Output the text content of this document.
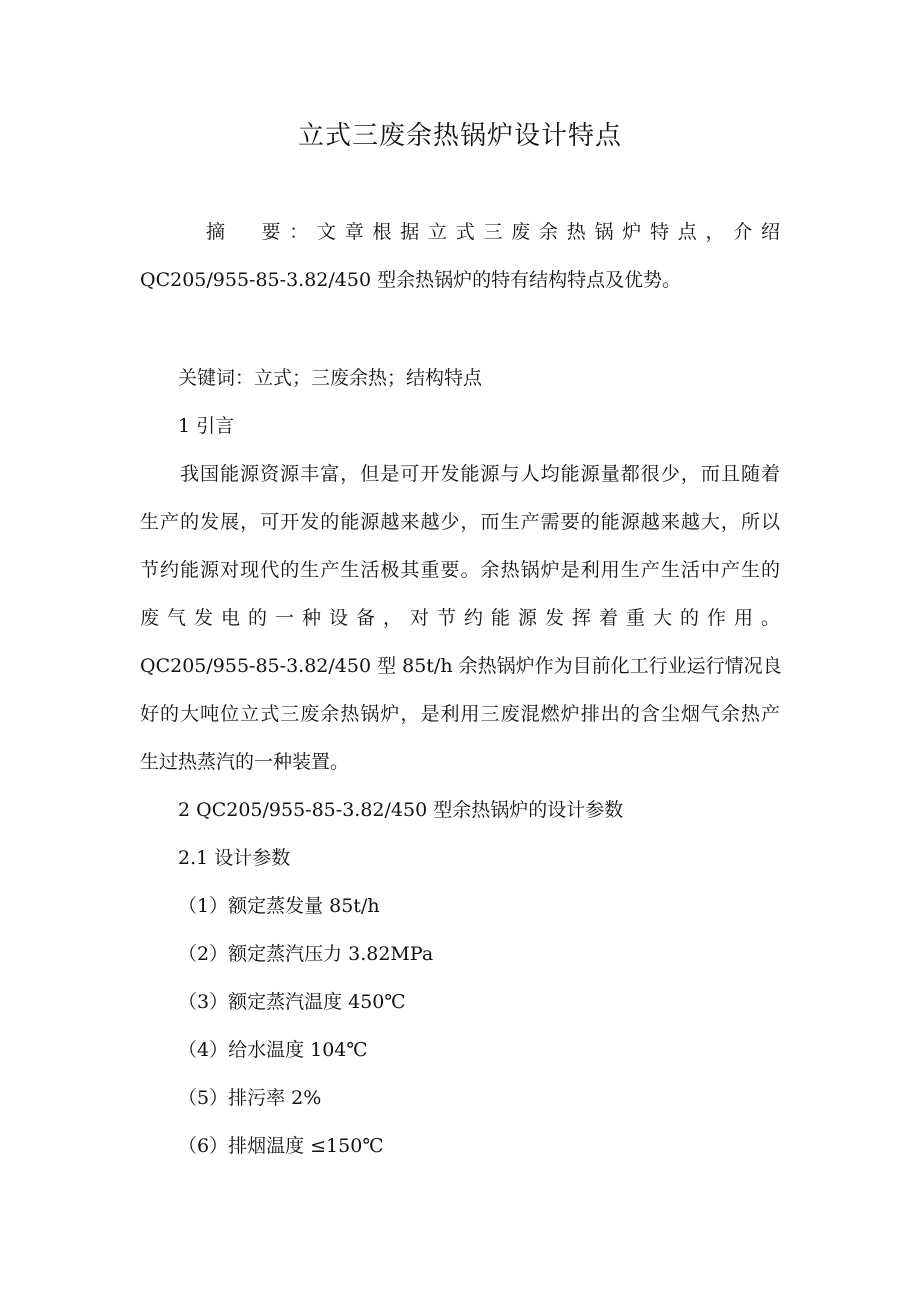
立式三废余热锅炉设计特点
摘　要：文章根据立式三废余热锅炉特点，介绍
QC205/955-85-3.82/450 型余热锅炉的特有结构特点及优势。
关键词：立式；三废余热；结构特点
1 引言
我国能源资源丰富，但是可开发能源与人均能源量都很少，而且随着
生产的发展，可开发的能源越来越少，而生产需要的能源越来越大，所以
节约能源对现代的生产生活极其重要。余热锅炉是利用生产生活中产生的
废气发电的一种设备，对节约能源发挥着重大的作用。
QC205/955-85-3.82/450 型 85t/h 余热锅炉作为目前化工行业运行情况良
好的大吨位立式三废余热锅炉，是利用三废混燃炉排出的含尘烟气余热产
生过热蒸汽的一种装置。
2 QC205/955-85-3.82/450 型余热锅炉的设计参数
2.1 设计参数
（1）额定蒸发量 85t/h
（2）额定蒸汽压力 3.82MPa
（3）额定蒸汽温度 450℃
（4）给水温度 104℃
（5）排污率 2%
（6）排烟温度 ≤150℃
